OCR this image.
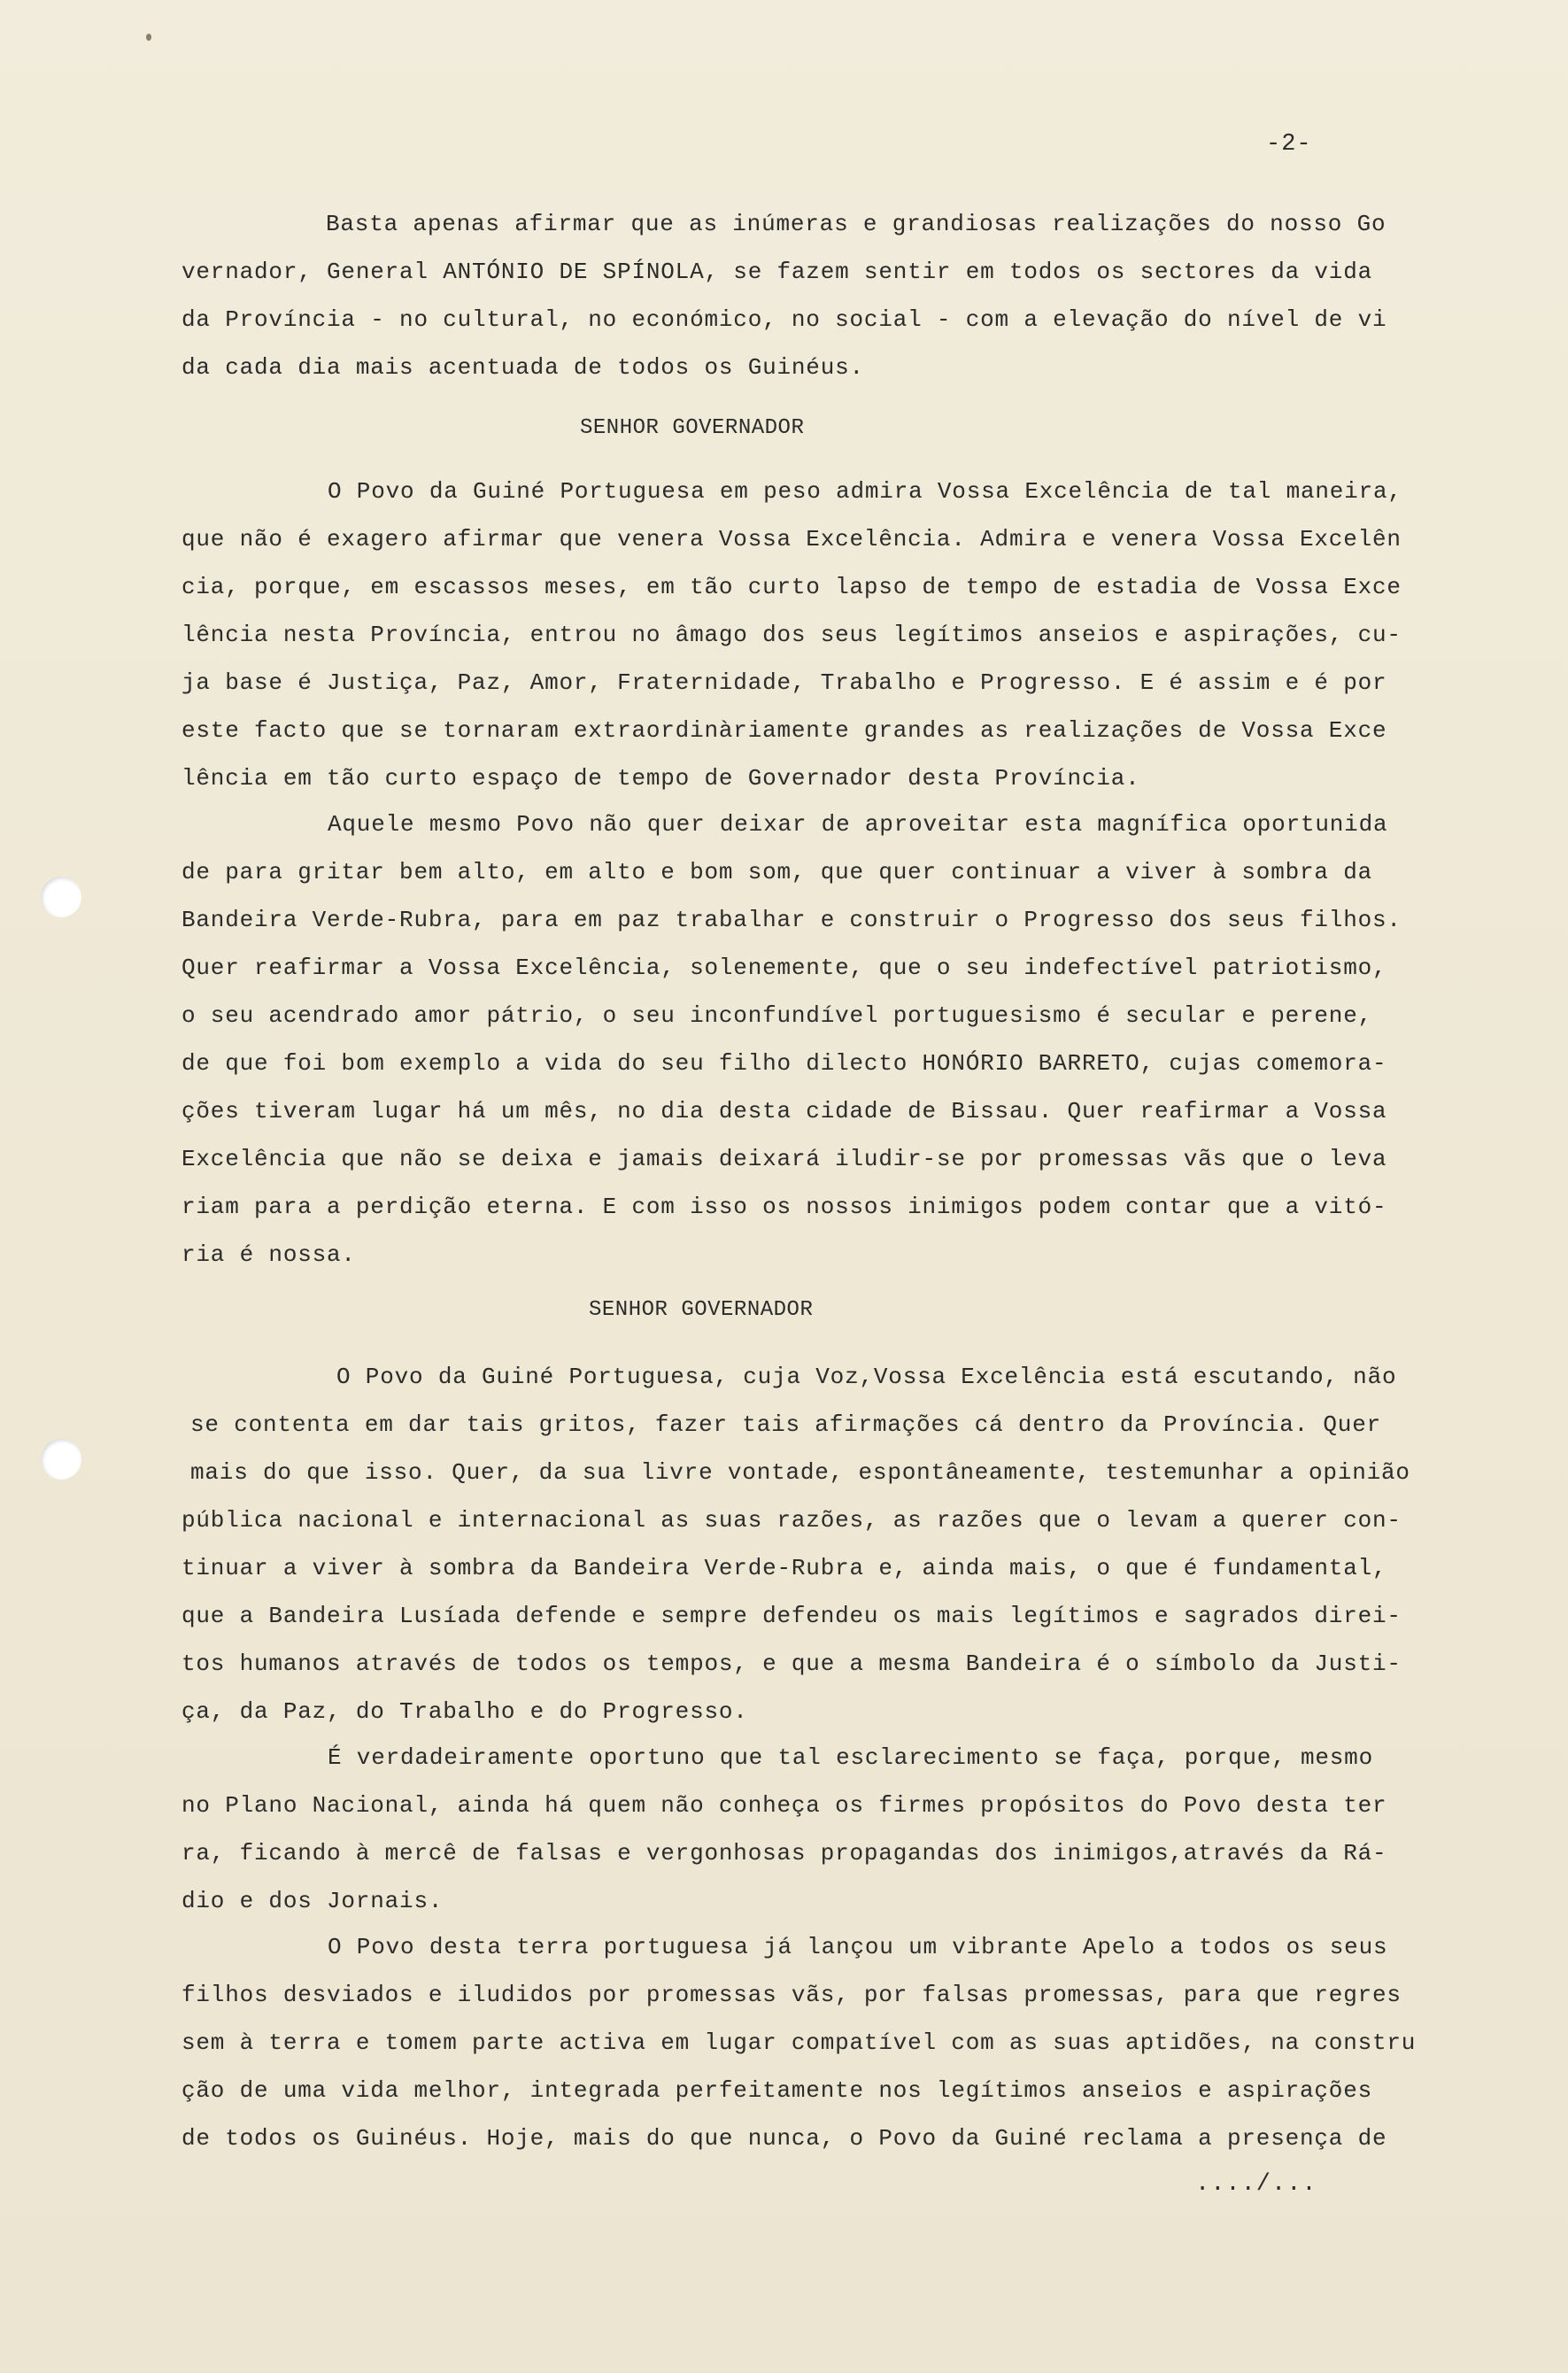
-2-
Basta apenas afirmar que as inúmeras e grandiosas realizações do nosso Go
vernador, General ANTÓNIO DE SPÍNOLA, se fazem sentir em todos os sectores da vida
da Província - no cultural, no económico, no social - com a elevação do nível de vi
da cada dia mais acentuada de todos os Guinéus.
SENHOR GOVERNADOR
O Povo da Guiné Portuguesa em peso admira Vossa Excelência de tal maneira,
que não é exagero afirmar que venera Vossa Excelência. Admira e venera Vossa Excelên
cia, porque, em escassos meses, em tão curto lapso de tempo de estadia de Vossa Exce
lência nesta Província, entrou no âmago dos seus legítimos anseios e aspirações, cu-
ja base é Justiça, Paz, Amor, Fraternidade, Trabalho e Progresso. E é assim e é por
este facto que se tornaram extraordinàriamente grandes as realizações de Vossa Exce
lência em tão curto espaço de tempo de Governador desta Província.
Aquele mesmo Povo não quer deixar de aproveitar esta magnífica oportunida
de para gritar bem alto, em alto e bom som, que quer continuar a viver à sombra da
Bandeira Verde-Rubra, para em paz trabalhar e construir o Progresso dos seus filhos.
Quer reafirmar a Vossa Excelência, solenemente, que o seu indefectível patriotismo,
o seu acendrado amor pátrio, o seu inconfundível portuguesismo é secular e perene,
de que foi bom exemplo a vida do seu filho dilecto HONÓRIO BARRETO, cujas comemora-
ções tiveram lugar há um mês, no dia desta cidade de Bissau. Quer reafirmar a Vossa
Excelência que não se deixa e jamais deixará iludir-se por promessas vãs que o leva
riam para a perdição eterna. E com isso os nossos inimigos podem contar que a vitó-
ria é nossa.
SENHOR GOVERNADOR
O Povo da Guiné Portuguesa, cuja Voz,Vossa Excelência está escutando, não
se contenta em dar tais gritos, fazer tais afirmações cá dentro da Província. Quer
mais do que isso. Quer, da sua livre vontade, espontâneamente, testemunhar a opinião
pública nacional e internacional as suas razões, as razões que o levam a querer con-
tinuar a viver à sombra da Bandeira Verde-Rubra e, ainda mais, o que é fundamental,
que a Bandeira Lusíada defende e sempre defendeu os mais legítimos e sagrados direi-
tos humanos através de todos os tempos, e que a mesma Bandeira é o símbolo da Justi-
ça, da Paz, do Trabalho e do Progresso.
É verdadeiramente oportuno que tal esclarecimento se faça, porque, mesmo
no Plano Nacional, ainda há quem não conheça os firmes propósitos do Povo desta ter
ra, ficando à mercê de falsas e vergonhosas propagandas dos inimigos,através da Rá-
dio e dos Jornais.
O Povo desta terra portuguesa já lançou um vibrante Apelo a todos os seus
filhos desviados e iludidos por promessas vãs, por falsas promessas, para que regres
sem à terra e tomem parte activa em lugar compatível com as suas aptidões, na constru
ção de uma vida melhor, integrada perfeitamente nos legítimos anseios e aspirações
de todos os Guinéus. Hoje, mais do que nunca, o Povo da Guiné reclama a presença de
..../...
